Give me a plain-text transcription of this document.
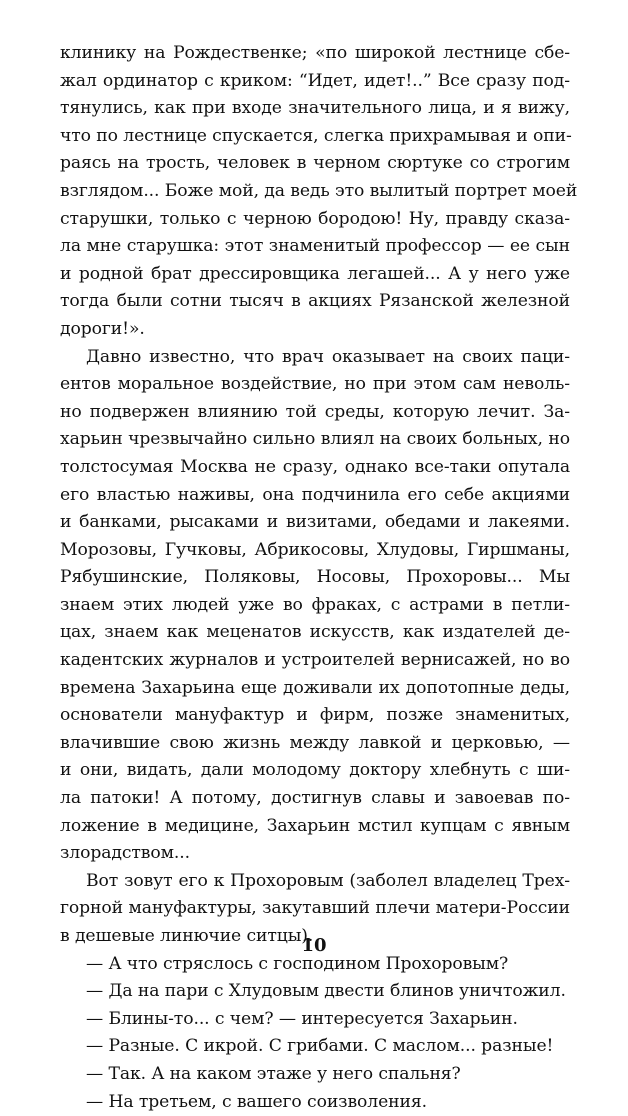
клинику на Рождественке; «по широкой лестнице сбе-
жал ординатор с криком: “Идет, идет!..” Все сразу под-
тянулись, как при входе значительного лица, и я вижу,
что по лестнице спускается, слегка прихрамывая и опи-
раясь на трость, человек в черном сюртуке со строгим
взглядом... Боже мой, да ведь это вылитый портрет моей
старушки, только с черною бородою! Ну, правду сказа-
ла мне старушка: этот знаменитый профессор — ее сын
и родной брат дрессировщика легашей... А у него уже
тогда были сотни тысяч в акциях Рязанской железной
дороги!».
Давно известно, что врач оказывает на своих паци-
ентов моральное воздействие, но при этом сам неволь-
но подвержен влиянию той среды, которую лечит. За-
харьин чрезвычайно сильно влиял на своих больных, но
толстосумая Москва не сразу, однако все-таки опутала
его властью наживы, она подчинила его себе акциями
и банками, рысаками и визитами, обедами и лакеями.
Морозовы, Гучковы, Абрикосовы, Хлудовы, Гиршманы,
Рябушинские, Поляковы, Носовы, Прохоровы... Мы
знаем этих людей уже во фраках, с астрами в петли-
цах, знаем как меценатов искусств, как издателей де-
кадентских журналов и устроителей вернисажей, но во
времена Захарьина еще доживали их допотопные деды,
основатели мануфактур и фирм, позже знаменитых,
влачившие свою жизнь между лавкой и церковью, —
и они, видать, дали молодому доктору хлебнуть с ши-
ла патоки! А потому, достигнув славы и завоевав по-
ложение в медицине, Захарьин мстил купцам с явным
злорадством...
Вот зовут его к Прохоровым (заболел владелец Трех-
горной мануфактуры, закутавший плечи матери-России
в дешевые линючие ситцы).
— А что стряслось с господином Прохоровым?
— Да на пари с Хлудовым двести блинов уничтожил.
— Блины-то... с чем? — интересуется Захарьин.
— Разные. С икрой. С грибами. С маслом... разные!
— Так. А на каком этаже у него спальня?
— На третьем, с вашего соизволения.
10
